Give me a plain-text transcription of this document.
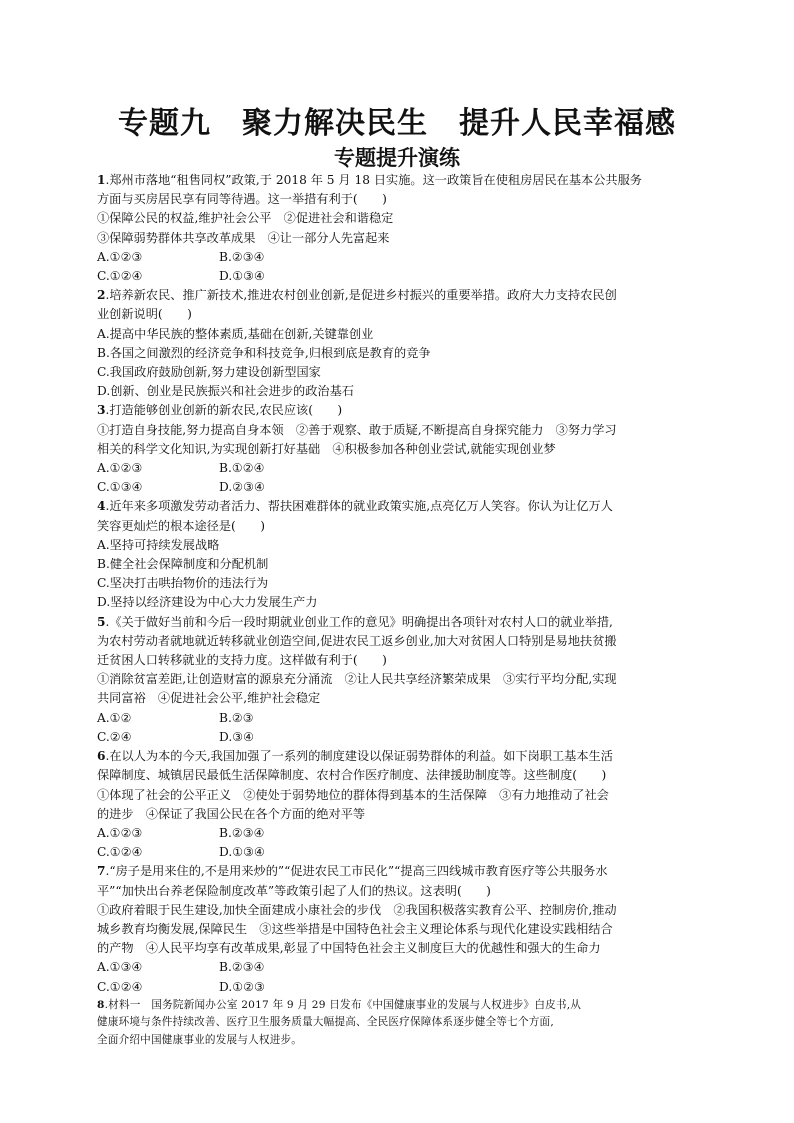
专题九　聚力解决民生　提升人民幸福感
专题提升演练
1.郑州市落地“租售同权”政策,于 2018 年 5 月 18 日实施。这一政策旨在使租房居民在基本公共服务
方面与买房居民享有同等待遇。这一举措有利于(　　)
①保障公民的权益,维护社会公平　②促进社会和谐稳定
③保障弱势群体共享改革成果　④让一部分人先富起来
A.①②③	B.②③④
C.①②④	D.①③④
2.培养新农民、推广新技术,推进农村创业创新,是促进乡村振兴的重要举措。政府大力支持农民创
业创新说明(　　)
A.提高中华民族的整体素质,基础在创新,关键靠创业
B.各国之间激烈的经济竞争和科技竞争,归根到底是教育的竞争
C.我国政府鼓励创新,努力建设创新型国家
D.创新、创业是民族振兴和社会进步的政治基石
3.打造能够创业创新的新农民,农民应该(　　)
①打造自身技能,努力提高自身本领　②善于观察、敢于质疑,不断提高自身探究能力　③努力学习
相关的科学文化知识,为实现创新打好基础　④积极参加各种创业尝试,就能实现创业梦
A.①②③	B.①②④
C.①③④	D.②③④
4.近年来多项激发劳动者活力、帮扶困难群体的就业政策实施,点亮亿万人笑容。你认为让亿万人
笑容更灿烂的根本途径是(　　)
A.坚持可持续发展战略
B.健全社会保障制度和分配机制
C.坚决打击哄抬物价的违法行为
D.坚持以经济建设为中心大力发展生产力
5.《关于做好当前和今后一段时期就业创业工作的意见》明确提出各项针对农村人口的就业举措,
为农村劳动者就地就近转移就业创造空间,促进农民工返乡创业,加大对贫困人口特别是易地扶贫搬
迁贫困人口转移就业的支持力度。这样做有利于(　　)
①消除贫富差距,让创造财富的源泉充分涌流　②让人民共享经济繁荣成果　③实行平均分配,实现
共同富裕　④促进社会公平,维护社会稳定
A.①②	B.②③
C.②④	D.③④
6.在以人为本的今天,我国加强了一系列的制度建设以保证弱势群体的利益。如下岗职工基本生活
保障制度、城镇居民最低生活保障制度、农村合作医疗制度、法律援助制度等。这些制度(　　)
①体现了社会的公平正义　②使处于弱势地位的群体得到基本的生活保障　③有力地推动了社会
的进步　④保证了我国公民在各个方面的绝对平等
A.①②③	B.②③④
C.①②④	D.①③④
7.“房子是用来住的,不是用来炒的”“促进农民工市民化”“提高三四线城市教育医疗等公共服务水
平”“加快出台养老保险制度改革”等政策引起了人们的热议。这表明(　　)
①政府着眼于民生建设,加快全面建成小康社会的步伐　②我国积极落实教育公平、控制房价,推动
城乡教育均衡发展,保障民生　③这些举措是中国特色社会主义理论体系与现代化建设实践相结合
的产物　④人民平均享有改革成果,彰显了中国特色社会主义制度巨大的优越性和强大的生命力
A.①③④	B.②③④
C.①②④	D.①②③
8.材料一　国务院新闻办公室 2017 年 9 月 29 日发布《中国健康事业的发展与人权进步》白皮书,从
健康环境与条件持续改善、医疗卫生服务质量大幅提高、全民医疗保障体系逐步健全等七个方面,
全面介绍中国健康事业的发展与人权进步。
